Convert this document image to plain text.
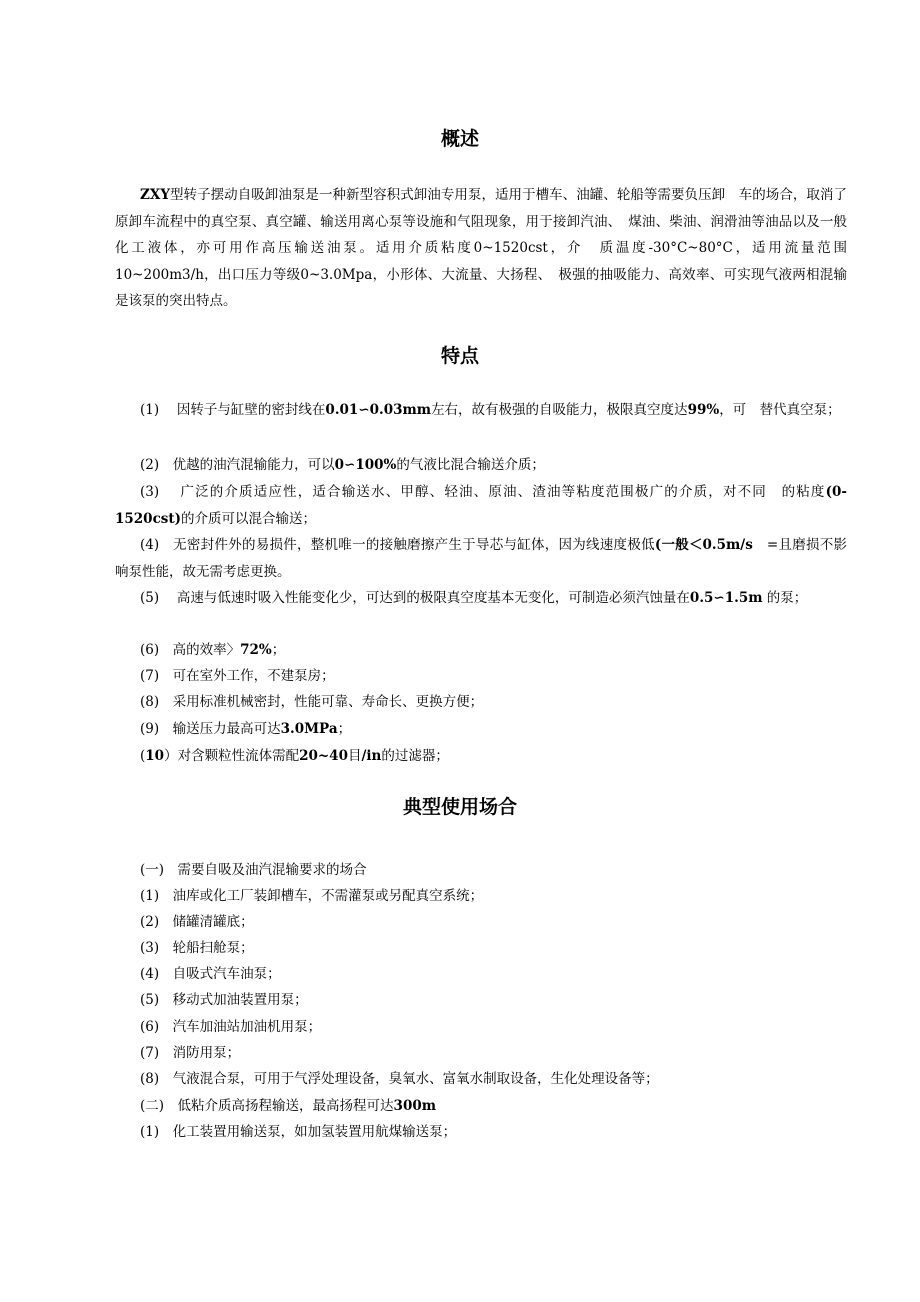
概述
ZXY型转子摆动自吸卸油泵是一种新型容积式卸油专用泵，适用于槽车、油罐、轮船等需要负压卸　车的场合，取消了原卸车流程中的真空泵、真空罐、输送用离心泵等设施和气阻现象，用于接卸汽油、　煤油、柴油、润滑油等油品以及一般化工液体，亦可用作高压输送油泵。适用介质粘度0~1520cst，介　质温度-30°C~80°C，适用流量范围10~200m3/h，出口压力等级0~3.0Mpa，小形体、大流量、大扬程、　极强的抽吸能力、高效率、可实现气液两相混输是该泵的突出特点。
特点
(1)　 因转子与缸壁的密封线在0.01∽0.03mm左右，故有极强的自吸能力，极限真空度达99%，可　替代真空泵；
(2)　优越的油汽混输能力，可以0∽100%的气液比混合输送介质；
(3)　 广泛的介质适应性，适合输送水、甲醇、轻油、原油、渣油等粘度范围极广的介质，对不同　的粘度(0-1520cst)的介质可以混合输送；
(4)　无密封件外的易损件，整机唯一的接触磨擦产生于导芯与缸体，因为线速度极低(一般＜0.5m/s　=且磨损不影响泵性能，故无需考虑更换。
(5)　 高速与低速时吸入性能变化少，可达到的极限真空度基本无变化，可制造必须汽蚀量在0.5∽1.5m 的泵；
(6)　高的效率〉72%；
(7)　可在室外工作，不建泵房；
(8)　采用标准机械密封，性能可靠、寿命长、更换方便；
(9)　输送压力最高可达3.0MPa；
(10）对含颗粒性流体需配20~40目/in的过滤器；
典型使用场合
(一)　需要自吸及油汽混输要求的场合
(1)　油库或化工厂装卸槽车，不需灌泵或另配真空系统；
(2)　储罐清罐底；
(3)　轮船扫舱泵；
(4)　自吸式汽车油泵；
(5)　移动式加油装置用泵；
(6)　汽车加油站加油机用泵；
(7)　消防用泵；
(8)　气液混合泵，可用于气浮处理设备，臭氧水、富氧水制取设备，生化处理设备等；
(二)　低粘介质高扬程输送，最高扬程可达300m
(1)　化工装置用输送泵，如加氢装置用航煤输送泵；
